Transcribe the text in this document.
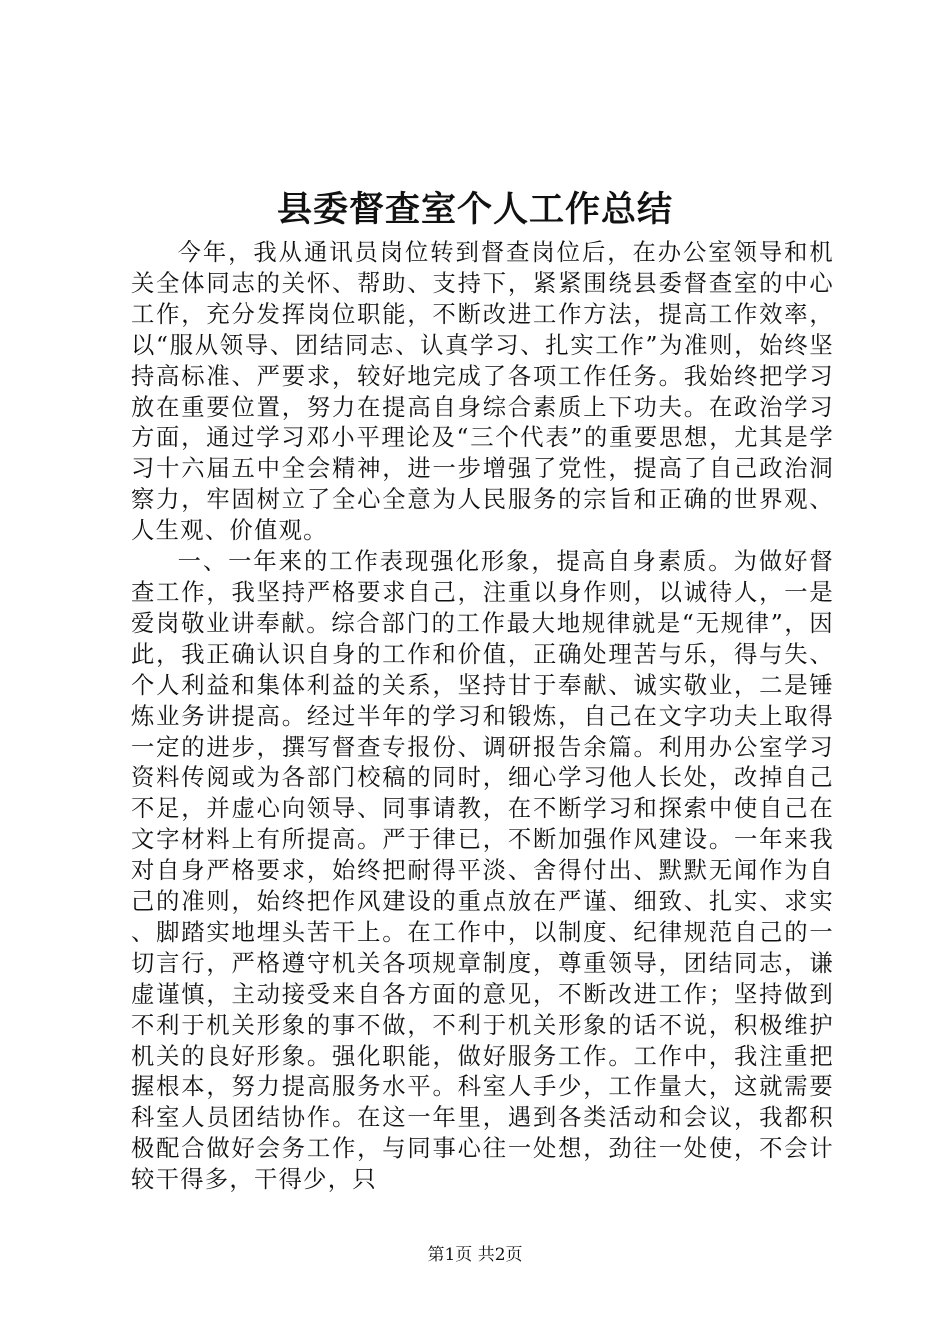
县委督查室个人工作总结

今年，我从通讯员岗位转到督查岗位后，在办公室领导和机关全体同志的关怀、帮助、支持下，紧紧围绕县委督查室的中心工作，充分发挥岗位职能，不断改进工作方法，提高工作效率，以“服从领导、团结同志、认真学习、扎实工作”为准则，始终坚持高标准、严要求，较好地完成了各项工作任务。我始终把学习放在重要位置，努力在提高自身综合素质上下功夫。在政治学习方面，通过学习邓小平理论及“三个代表”的重要思想，尤其是学习十六届五中全会精神，进一步增强了党性，提高了自己政治洞察力，牢固树立了全心全意为人民服务的宗旨和正确的世界观、人生观、价值观。

一、一年来的工作表现强化形象，提高自身素质。为做好督查工作，我坚持严格要求自己，注重以身作则，以诚待人，一是爱岗敬业讲奉献。综合部门的工作最大地规律就是“无规律”，因此，我正确认识自身的工作和价值，正确处理苦与乐，得与失、个人利益和集体利益的关系，坚持甘于奉献、诚实敬业，二是锤炼业务讲提高。经过半年的学习和锻炼，自己在文字功夫上取得一定的进步，撰写督查专报份、调研报告余篇。利用办公室学习资料传阅或为各部门校稿的同时，细心学习他人长处，改掉自己不足，并虚心向领导、同事请教，在不断学习和探索中使自己在文字材料上有所提高。严于律已，不断加强作风建设。一年来我对自身严格要求，始终把耐得平淡、舍得付出、默默无闻作为自己的准则，始终把作风建设的重点放在严谨、细致、扎实、求实、脚踏实地埋头苦干上。在工作中，以制度、纪律规范自己的一切言行，严格遵守机关各项规章制度，尊重领导，团结同志，谦虚谨慎，主动接受来自各方面的意见，不断改进工作；坚持做到不利于机关形象的事不做，不利于机关形象的话不说，积极维护机关的良好形象。强化职能，做好服务工作。工作中，我注重把握根本，努力提高服务水平。科室人手少，工作量大，这就需要科室人员团结协作。在这一年里，遇到各类活动和会议，我都积极配合做好会务工作，与同事心往一处想，劲往一处使，不会计较干得多，干得少，只

第1页 共2页
